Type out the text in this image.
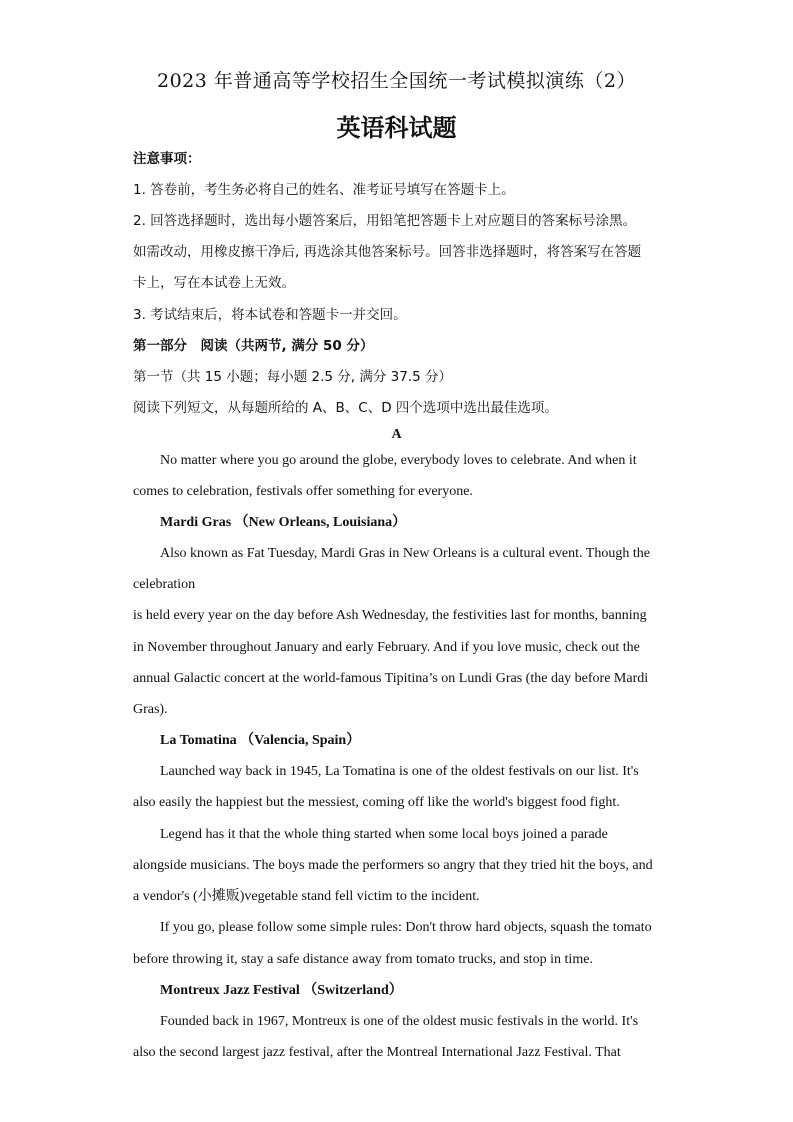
2023 年普通高等学校招生全国统一考试模拟演练（2）
英语科试题
注意事项：
1. 答卷前，考生务必将自己的姓名、准考证号填写在答题卡上。
2. 回答选择题时，选出每小题答案后，用铅笔把答题卡上对应题目的答案标号涂黑。
如需改动，用橡皮擦干净后, 再选涂其他答案标号。回答非选择题时，将答案写在答题
卡上，写在本试卷上无效。
3. 考试结束后，将本试卷和答题卡一并交回。
第一部分　阅读（共两节, 满分 50 分）
第一节（共 15 小题；每小题 2.5 分, 满分 37.5 分）
阅读下列短文，从每题所给的 A、B、C、D 四个选项中选出最佳选项。
A
No matter where you go around the globe, everybody loves to celebrate. And when it
comes to celebration, festivals offer something for everyone.
Mardi Gras （New Orleans, Louisiana）
Also known as Fat Tuesday, Mardi Gras in New Orleans is a cultural event. Though the
celebration
is held every year on the day before Ash Wednesday, the festivities last for months, banning
in November throughout January and early February. And if you love music, check out the
annual Galactic concert at the world-famous Tipitina’s on Lundi Gras (the day before Mardi
Gras).
La Tomatina （Valencia, Spain）
Launched way back in 1945, La Tomatina is one of the oldest festivals on our list. It's
also easily the happiest but the messiest, coming off like the world's biggest food fight.
Legend has it that the whole thing started when some local boys joined a parade
alongside musicians. The boys made the performers so angry that they tried hit the boys, and
a vendor's (小摊贩)vegetable stand fell victim to the incident.
If you go, please follow some simple rules: Don't throw hard objects, squash the tomato
before throwing it, stay a safe distance away from tomato trucks, and stop in time.
Montreux Jazz Festival （Switzerland）
Founded back in 1967, Montreux is one of the oldest music festivals in the world. It's
also the second largest jazz festival, after the Montreal International Jazz Festival. That
